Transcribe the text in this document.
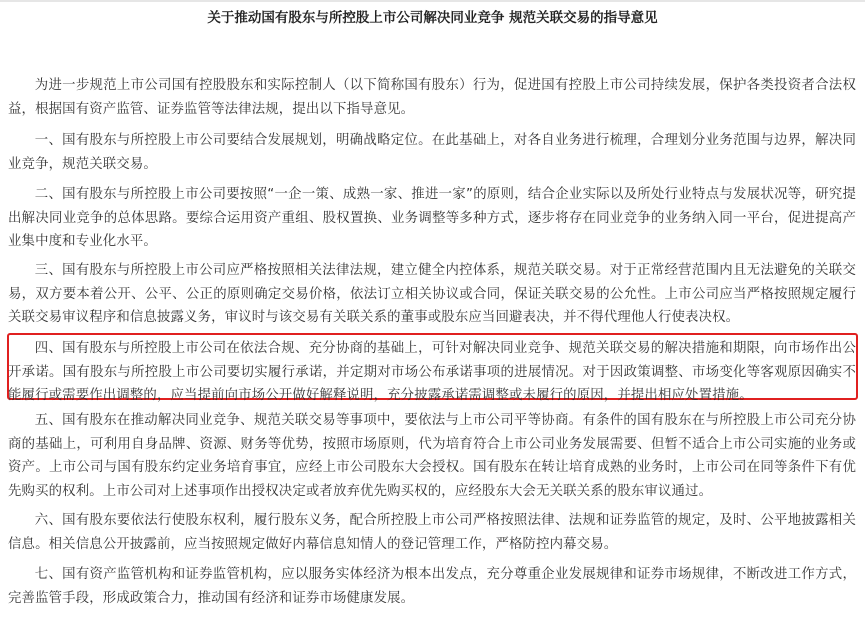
关于推动国有股东与所控股上市公司解决同业竞争 规范关联交易的指导意见

为进一步规范上市公司国有控股股东和实际控制人（以下简称国有股东）行为，促进国有控股上市公司持续发展，保护各类投资者合法权益，根据国有资产监管、证券监管等法律法规，提出以下指导意见。

一、国有股东与所控股上市公司要结合发展规划，明确战略定位。在此基础上，对各自业务进行梳理，合理划分业务范围与边界，解决同业竞争，规范关联交易。

二、国有股东与所控股上市公司要按照“一企一策、成熟一家、推进一家”的原则，结合企业实际以及所处行业特点与发展状况等，研究提出解决同业竞争的总体思路。要综合运用资产重组、股权置换、业务调整等多种方式，逐步将存在同业竞争的业务纳入同一平台，促进提高产业集中度和专业化水平。

三、国有股东与所控股上市公司应严格按照相关法律法规，建立健全内控体系，规范关联交易。对于正常经营范围内且无法避免的关联交易，双方要本着公开、公平、公正的原则确定交易价格，依法订立相关协议或合同，保证关联交易的公允性。上市公司应当严格按照规定履行关联交易审议程序和信息披露义务，审议时与该交易有关联关系的董事或股东应当回避表决，并不得代理他人行使表决权。

四、国有股东与所控股上市公司在依法合规、充分协商的基础上，可针对解决同业竞争、规范关联交易的解决措施和期限，向市场作出公开承诺。国有股东与所控股上市公司要切实履行承诺，并定期对市场公布承诺事项的进展情况。对于因政策调整、市场变化等客观原因确实不能履行或需要作出调整的，应当提前向市场公开做好解释说明，充分披露承诺需调整或未履行的原因，并提出相应处置措施。

五、国有股东在推动解决同业竞争、规范关联交易等事项中，要依法与上市公司平等协商。有条件的国有股东在与所控股上市公司充分协商的基础上，可利用自身品牌、资源、财务等优势，按照市场原则，代为培育符合上市公司业务发展需要、但暂不适合上市公司实施的业务或资产。上市公司与国有股东约定业务培育事宜，应经上市公司股东大会授权。国有股东在转让培育成熟的业务时，上市公司在同等条件下有优先购买的权利。上市公司对上述事项作出授权决定或者放弃优先购买权的，应经股东大会无关联关系的股东审议通过。

六、国有股东要依法行使股东权利，履行股东义务，配合所控股上市公司严格按照法律、法规和证券监管的规定，及时、公平地披露相关信息。相关信息公开披露前，应当按照规定做好内幕信息知情人的登记管理工作，严格防控内幕交易。

七、国有资产监管机构和证券监管机构，应以服务实体经济为根本出发点，充分尊重企业发展规律和证券市场规律，不断改进工作方式，完善监管手段，形成政策合力，推动国有经济和证券市场健康发展。
